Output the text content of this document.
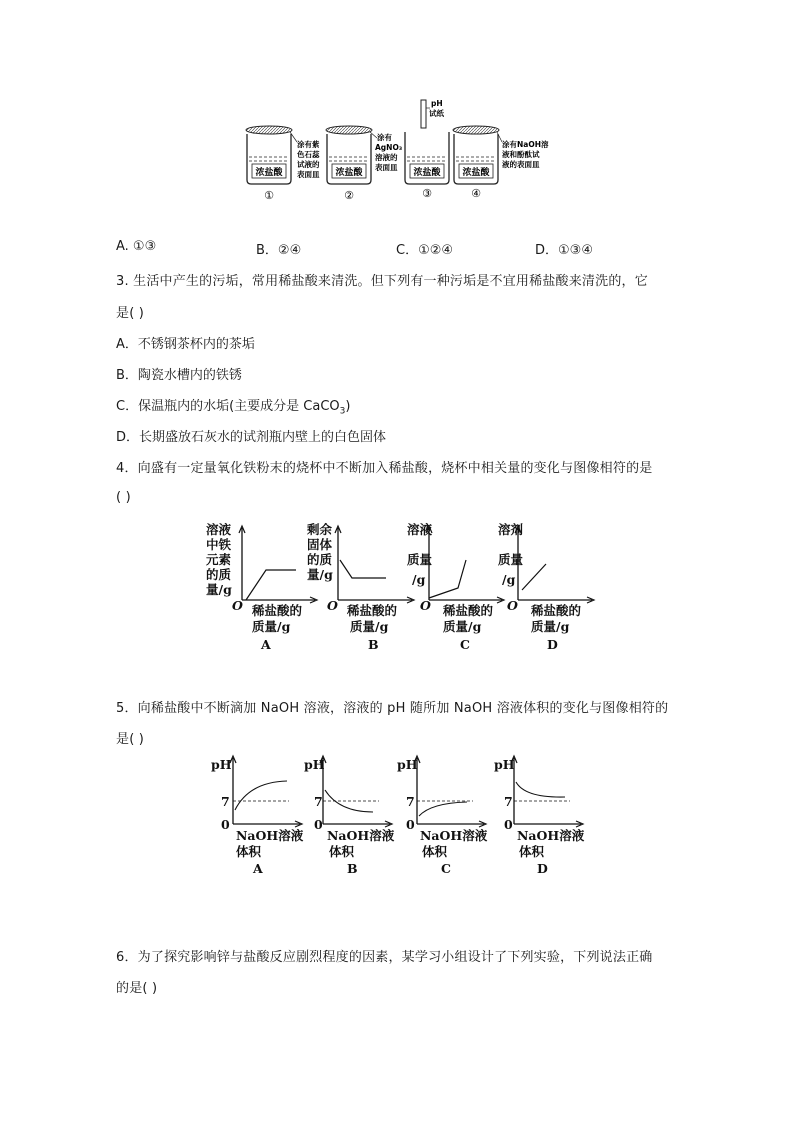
浓盐酸	浓盐酸	浓盐酸 浓盐酸
①	②	③	④
涂有紫
色石蕊
试液的
表面皿
涂有
AgNO₃
溶液的
表面皿
pH
试纸
涂有NaOH溶
液和酚酞试
液的表面皿
A. ①③	B．②④	C．①②④	D．①③④
3. 生活中产生的污垢，常用稀盐酸来清洗。但下列有一种污垢是不宜用稀盐酸来清洗的，它
是( )
A．不锈钢茶杯内的茶垢
B．陶瓷水槽内的铁锈
C．保温瓶内的水垢(主要成分是 CaCO$_3$)
D．长期盛放石灰水的试剂瓶内壁上的白色固体
4．向盛有一定量氧化铁粉末的烧杯中不断加入稀盐酸，烧杯中相关量的变化与图像相符的是
( )
溶液
中铁
元素
的质
量/g
O 稀盐酸的
质量/g
A
剩余
固体
的质
量/g
O 稀盐酸的
质量/g
B
溶液
质量
/g
O 稀盐酸的
质量/g
C
溶剂
质量
/g
O 稀盐酸的
质量/g
D
5．向稀盐酸中不断滴加 NaOH 溶液，溶液的 pH 随所加 NaOH 溶液体积的变化与图像相符的
是( )
pH
7
0
NaOH溶液
体积
A
pH
7
0
NaOH溶液
体积
B
pH
7
0
NaOH溶液
体积
C
pH
7
0
NaOH溶液
体积
D
6．为了探究影响锌与盐酸反应剧烈程度的因素，某学习小组设计了下列实验，下列说法正确
的是( )
